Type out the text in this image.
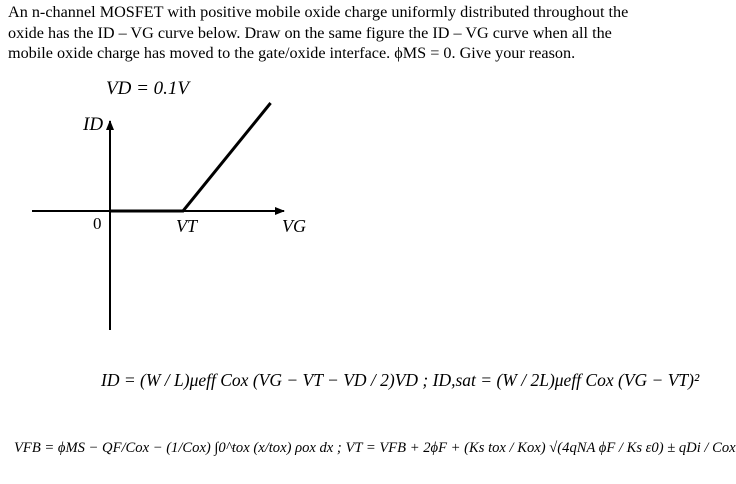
An n-channel MOSFET with positive mobile oxide charge uniformly distributed throughout the oxide has the ID – VG curve below. Draw on the same figure the ID – VG curve when all the mobile oxide charge has moved to the gate/oxide interface. ϕMS = 0. Give your reason.
VD = 0.1V
ID
0	VT	VG
ID = (W / L)μeff Cox (VG − VT − VD / 2)VD ; ID,sat = (W / 2L)μeff Cox (VG − VT)²
VFB = ϕMS − QF/Cox − (1/Cox) ∫0^tox (x/tox) ρox dx ; VT = VFB + 2ϕF + (Ks tox / Kox) √(4qNA ϕF / Ks ε0) ± qDi / Cox
